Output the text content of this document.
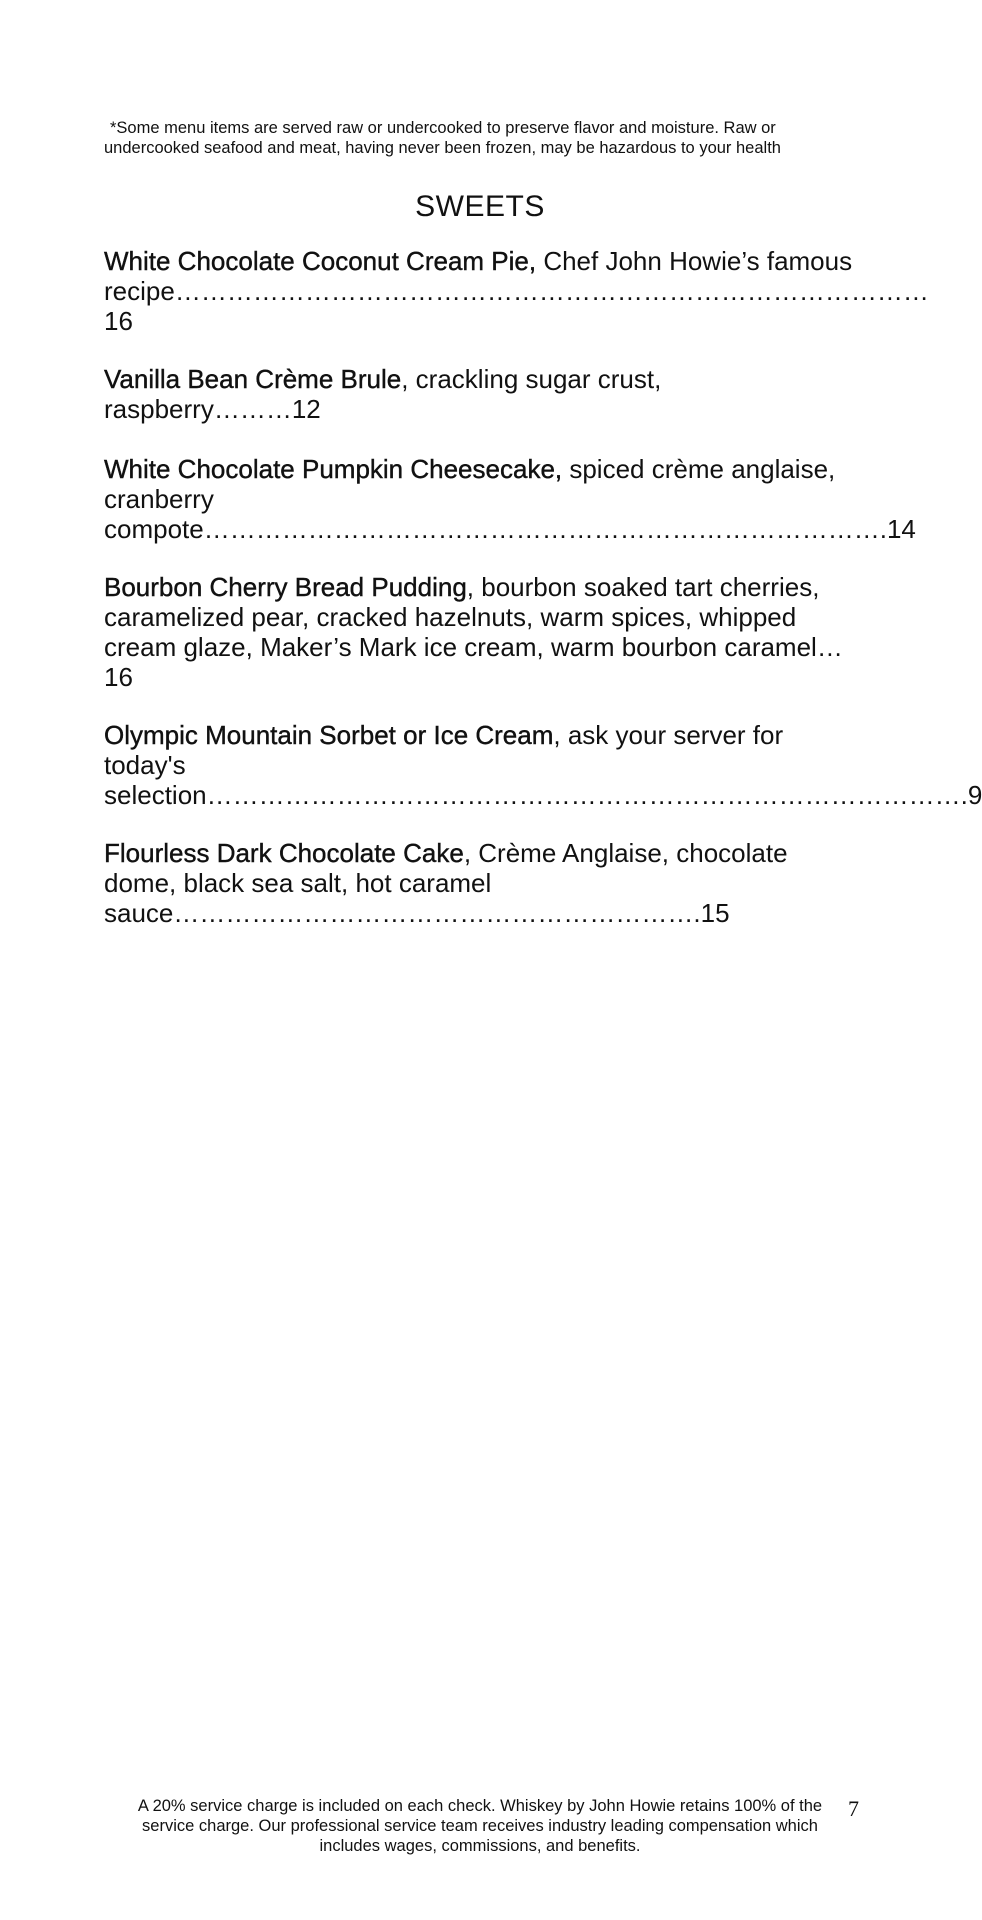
*Some menu items are served raw or undercooked to preserve flavor and moisture. Raw or
undercooked seafood and meat, having never been frozen, may be hazardous to your health
SWEETS
White Chocolate Coconut Cream Pie, Chef John Howie’s famous recipe……………………………………………………………………………16
Vanilla Bean Crème Brule, crackling sugar crust, raspberry………12
White Chocolate Pumpkin Cheesecake, spiced crème anglaise, cranberry compote…………………………………………………………………….14
Bourbon Cherry Bread Pudding, bourbon soaked tart cherries, caramelized pear, cracked hazelnuts, warm spices, whipped cream glaze, Maker’s Mark ice cream, warm bourbon caramel…16
Olympic Mountain Sorbet or Ice Cream, ask your server for today's selection…………………………………………………………………………….9
Flourless Dark Chocolate Cake, Crème Anglaise, chocolate dome, black sea salt, hot caramel sauce…………………………………………………….15
A 20% service charge is included on each check. Whiskey by John Howie retains 100% of the
service charge. Our professional service team receives industry leading compensation which
includes wages, commissions, and benefits.
7
